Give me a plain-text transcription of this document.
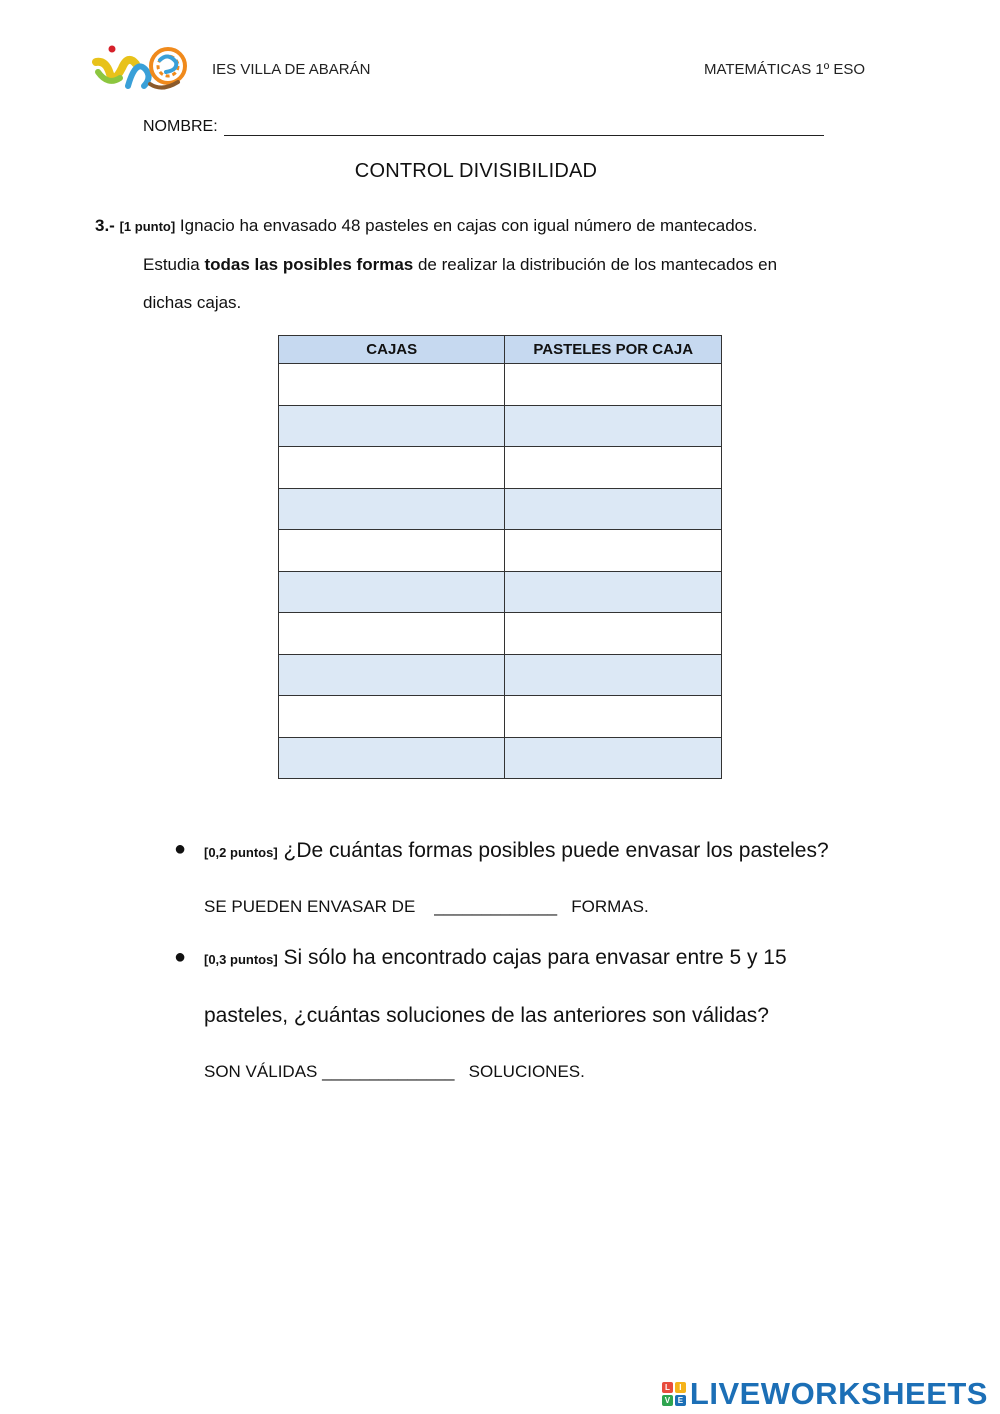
IES VILLA DE ABARÁN	MATEMÁTICAS 1º ESO
NOMBRE:
CONTROL DIVISIBILIDAD
3.- [1 punto] Ignacio ha envasado 48 pasteles en cajas con igual número de mantecados.
Estudia todas las posibles formas de realizar la distribución de los mantecados en
dichas cajas.
CAJAS	PASTELES POR CAJA

● [0,2 puntos] ¿De cuántas formas posibles puede envasar los pasteles?
SE PUEDEN ENVASAR DE _____________ FORMAS.
● [0,3 puntos] Si sólo ha encontrado cajas para envasar entre 5 y 15
pasteles, ¿cuántas soluciones de las anteriores son válidas?
SON VÁLIDAS ______________ SOLUCIONES.
L	I
V E LIVEWORKSHEETS
